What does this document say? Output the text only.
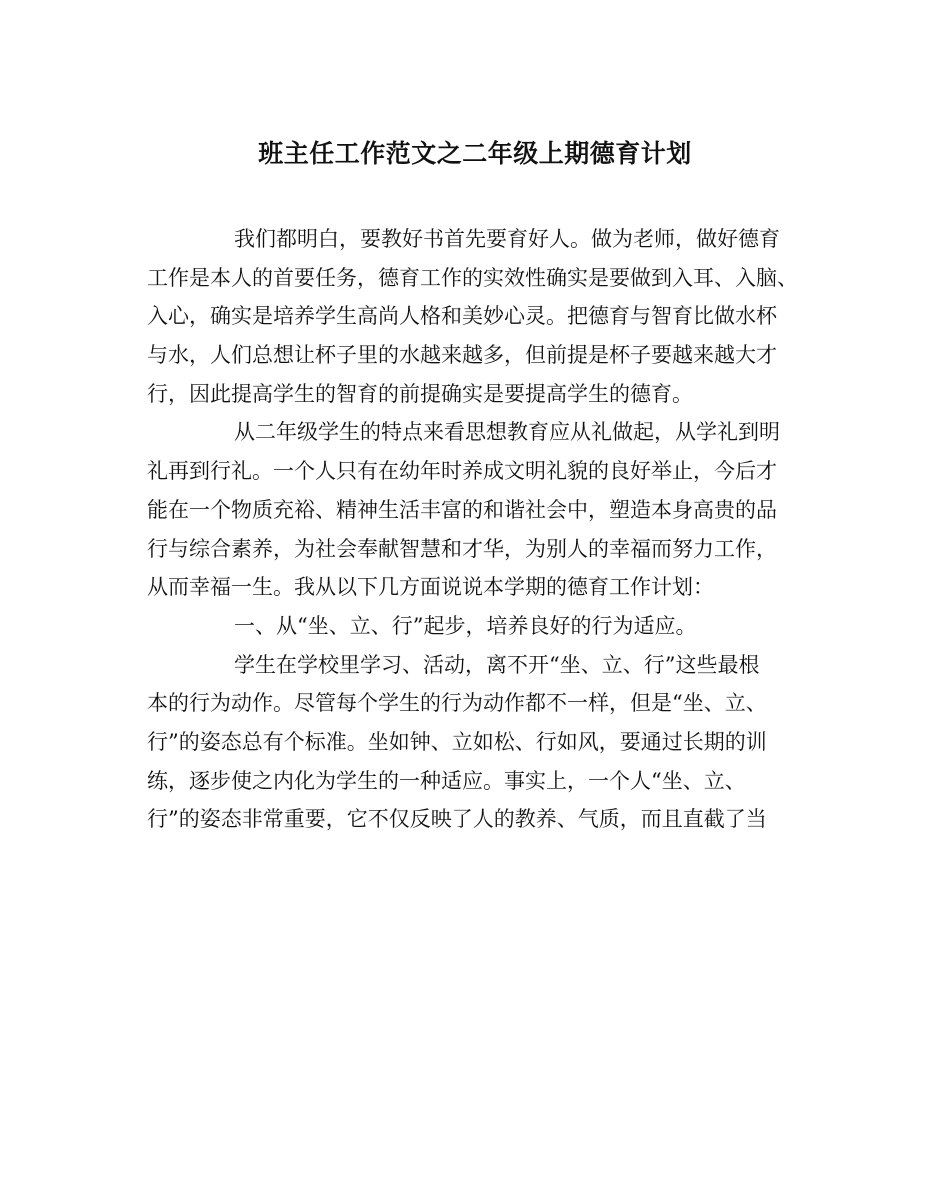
班主任工作范文之二年级上期德育计划
我们都明白，要教好书首先要育好人。做为老师，做好德育
工作是本人的首要任务，德育工作的实效性确实是要做到入耳、入脑、
入心，确实是培养学生高尚人格和美妙心灵。把德育与智育比做水杯
与水，人们总想让杯子里的水越来越多，但前提是杯子要越来越大才
行，因此提高学生的智育的前提确实是要提高学生的德育。
从二年级学生的特点来看思想教育应从礼做起，从学礼到明
礼再到行礼。一个人只有在幼年时养成文明礼貌的良好举止，今后才
能在一个物质充裕、精神生活丰富的和谐社会中，塑造本身高贵的品
行与综合素养，为社会奉献智慧和才华，为别人的幸福而努力工作，
从而幸福一生。我从以下几方面说说本学期的德育工作计划：
一、从“坐、立、行”起步，培养良好的行为适应。
学生在学校里学习、活动，离不开“坐、立、行”这些最根
本的行为动作。尽管每个学生的行为动作都不一样，但是“坐、立、
行”的姿态总有个标准。坐如钟、立如松、行如风，要通过长期的训
练，逐步使之内化为学生的一种适应。事实上，一个人“坐、立、
行”的姿态非常重要，它不仅反映了人的教养、气质，而且直截了当
